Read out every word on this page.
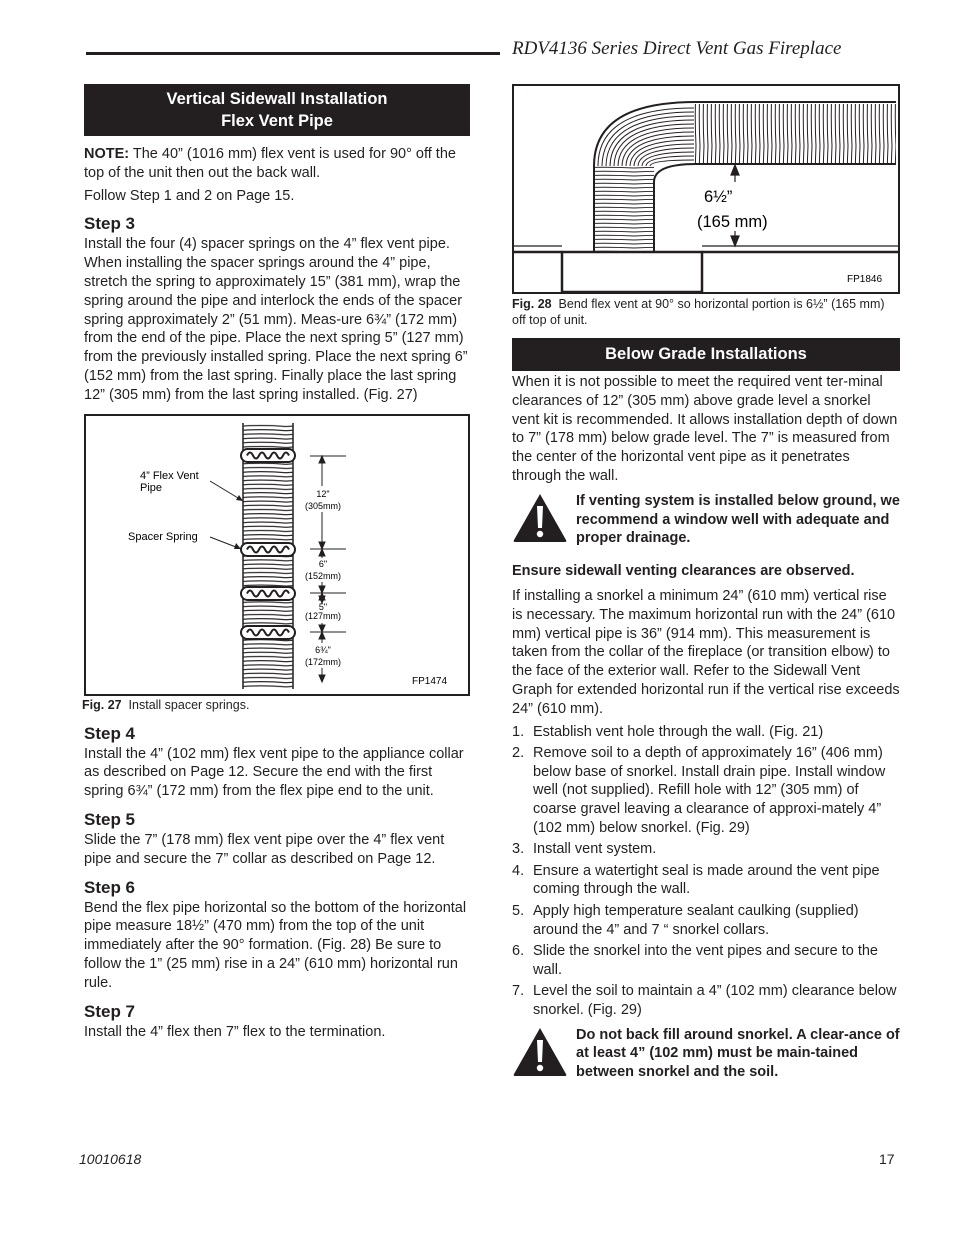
RDV4136 Series Direct Vent Gas Fireplace
Vertical Sidewall Installation
Flex Vent Pipe

NOTE: The 40” (1016 mm) flex vent is used for 90° off the top of the unit then out the back wall.

Follow Step 1 and 2 on Page 15.

Step 3

Install the four (4) spacer springs on the 4” flex vent pipe. When installing the spacer springs around the 4” pipe, stretch the spring to approximately 15” (381 mm), wrap the spring around the pipe and interlock the ends of the spacer spring approximately 2” (51 mm). Meas-ure 6¾” (172 mm) from the end of the pipe. Place the next spring 5” (127 mm) from the previously installed spring. Place the next spring 6” (152 mm) from the last spring. Finally place the last spring 12” (305 mm) from the last spring installed. (Fig. 27)

4” Flex Vent
Pipe
Spacer Spring
12"
(305mm)
6"
(152mm)
5"
(127mm)
6¾"
(172mm)
FP1474

Fig. 27 Install spacer springs.

Step 4

Install the 4” (102 mm) flex vent pipe to the appliance collar as described on Page 12. Secure the end with the first spring 6¾” (172 mm) from the flex pipe end to the unit.

Step 5

Slide the 7” (178 mm) flex vent pipe over the 4” flex vent pipe and secure the 7” collar as described on Page 12.

Step 6

Bend the flex pipe horizontal so the bottom of the horizontal pipe measure 18½” (470 mm) from the top of the unit immediately after the 90° formation. (Fig. 28) Be sure to follow the 1” (25 mm) rise in a 24” (610 mm) horizontal run rule.

Step 7

Install the 4” flex then 7” flex to the termination.

6½”
(165 mm)
FP1846

Fig. 28 Bend flex vent at 90° so horizontal portion is 6½” (165 mm) off top of unit.

Below Grade Installations

When it is not possible to meet the required vent ter-minal clearances of 12” (305 mm) above grade level a snorkel vent kit is recommended. It allows installation depth of down to 7” (178 mm) below grade level. The 7” is measured from the center of the horizontal vent pipe as it penetrates through the wall.

If venting system is installed below ground, we recommend a window well with adequate and proper drainage.

Ensure sidewall venting clearances are observed.

If installing a snorkel a minimum 24” (610 mm) vertical rise is necessary. The maximum horizontal run with the 24” (610 mm) vertical pipe is 36” (914 mm). This measurement is taken from the collar of the fireplace (or transition elbow) to the face of the exterior wall. Refer to the Sidewall Vent Graph for extended horizontal run if the vertical rise exceeds 24” (610 mm).

1. Establish vent hole through the wall. (Fig. 21)
2. Remove soil to a depth of approximately 16” (406 mm) below base of snorkel. Install drain pipe. Install window well (not supplied). Refill hole with 12” (305 mm) of coarse gravel leaving a clearance of approxi-mately 4” (102 mm) below snorkel. (Fig. 29)
3. Install vent system.
4. Ensure a watertight seal is made around the vent pipe coming through the wall.
5. Apply high temperature sealant caulking (supplied) around the 4” and 7 “ snorkel collars.
6. Slide the snorkel into the vent pipes and secure to the wall.
7. Level the soil to maintain a 4” (102 mm) clearance below snorkel. (Fig. 29)

Do not back fill around snorkel. A clear-ance of at least 4” (102 mm) must be main-tained between snorkel and the soil.

10010618	17
